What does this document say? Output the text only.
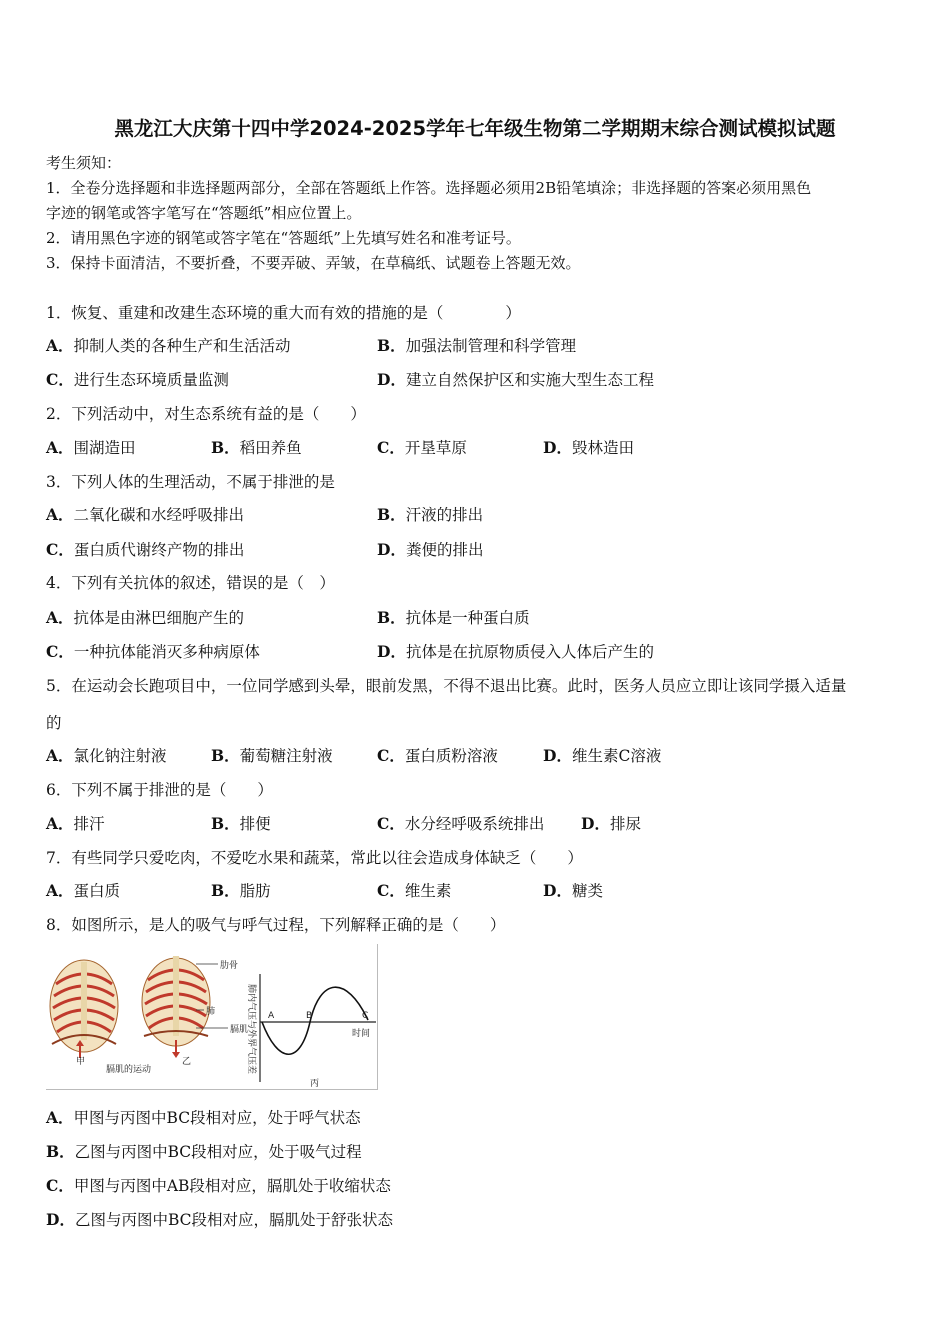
黑龙江大庆第十四中学2024-2025学年七年级生物第二学期期末综合测试模拟试题
考生须知：
1．全卷分选择题和非选择题两部分，全部在答题纸上作答。选择题必须用2B铅笔填涂；非选择题的答案必须用黑色
字迹的钢笔或答字笔写在“答题纸”相应位置上。
2．请用黑色字迹的钢笔或答字笔在“答题纸”上先填写姓名和准考证号。
3．保持卡面清洁，不要折叠，不要弄破、弄皱，在草稿纸、试题卷上答题无效。
1．恢复、重建和改建生态环境的重大而有效的措施的是（　　　　）
A．抑制人类的各种生产和生活活动	B．加强法制管理和科学管理
C．进行生态环境质量监测	D．建立自然保护区和实施大型生态工程
2．下列活动中，对生态系统有益的是（　　）
A．围湖造田	B．稻田养鱼	C．开垦草原	D．毁林造田
3．下列人体的生理活动，不属于排泄的是
A．二氧化碳和水经呼吸排出	B．汗液的排出
C．蛋白质代谢终产物的排出	D．粪便的排出
4．下列有关抗体的叙述，错误的是（　）
A．抗体是由淋巴细胞产生的	B．抗体是一种蛋白质
C．一种抗体能消灭多种病原体	D．抗体是在抗原物质侵入人体后产生的
5．在运动会长跑项目中，一位同学感到头晕，眼前发黑，不得不退出比赛。此时，医务人员应立即让该同学摄入适量
的
A．氯化钠注射液	B．葡萄糖注射液	C．蛋白质粉溶液	D．维生素C溶液
6．下列不属于排泄的是（　　）
A．排汗	B．排便	C．水分经呼吸系统排出 D．排尿
7．有些同学只爱吃肉，不爱吃水果和蔬菜，常此以往会造成身体缺乏（　　）
A．蛋白质	B．脂肪	C．维生素	D．糖类
8．如图所示，是人的吸气与呼气过程，下列解释正确的是（　　）
肋骨
肺
膈肌
甲	乙
膈肌的运动	肺内气压与外界气压差 A	B	C
时间
丙
A．甲图与丙图中BC段相对应，处于呼气状态
B．乙图与丙图中BC段相对应，处于吸气过程
C．甲图与丙图中AB段相对应，膈肌处于收缩状态
D．乙图与丙图中BC段相对应，膈肌处于舒张状态
